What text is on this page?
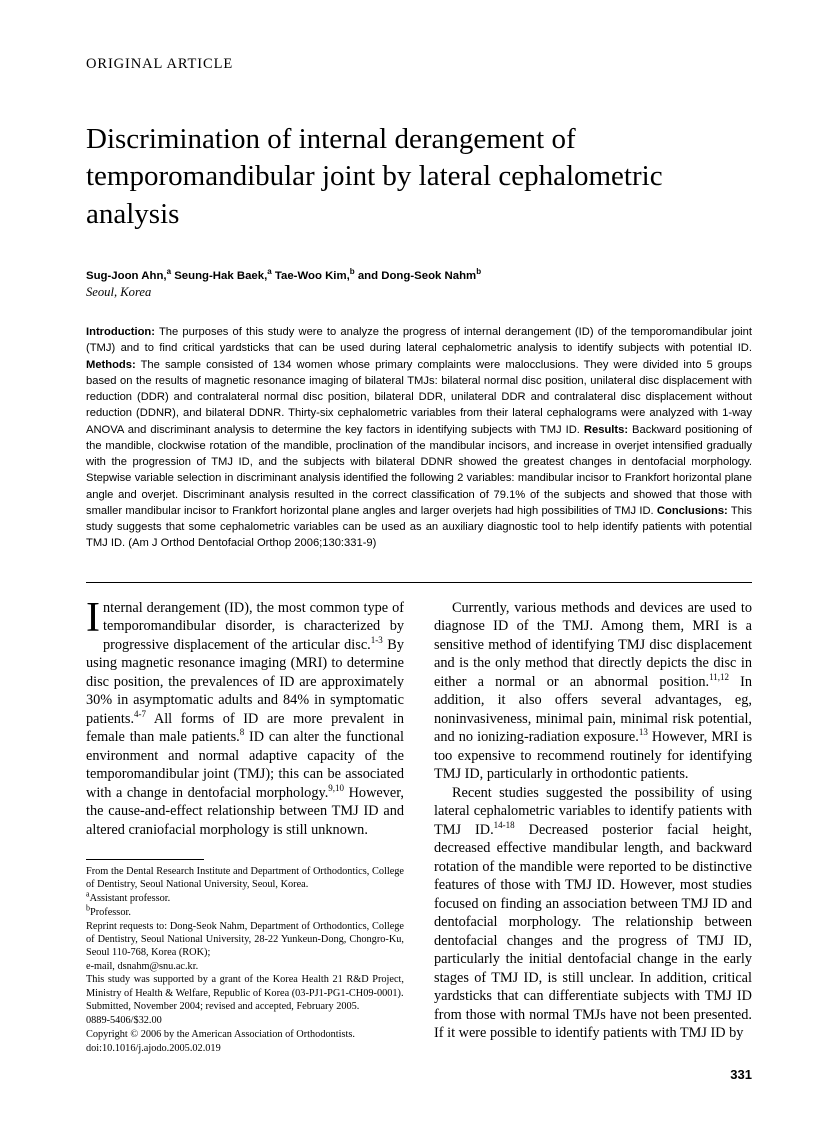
ORIGINAL ARTICLE
Discrimination of internal derangement of temporomandibular joint by lateral cephalometric analysis
Sug-Joon Ahn,$^a$ Seung-Hak Baek,$^a$ Tae-Woo Kim,$^b$ and Dong-Seok Nahm$^b$
Seoul, Korea
Introduction: The purposes of this study were to analyze the progress of internal derangement (ID) of the temporomandibular joint (TMJ) and to find critical yardsticks that can be used during lateral cephalometric analysis to identify subjects with potential ID. Methods: The sample consisted of 134 women whose primary complaints were malocclusions. They were divided into 5 groups based on the results of magnetic resonance imaging of bilateral TMJs: bilateral normal disc position, unilateral disc displacement with reduction (DDR) and contralateral normal disc position, bilateral DDR, unilateral DDR and contralateral disc displacement without reduction (DDNR), and bilateral DDNR. Thirty-six cephalometric variables from their lateral cephalograms were analyzed with 1-way ANOVA and discriminant analysis to determine the key factors in identifying subjects with TMJ ID. Results: Backward positioning of the mandible, clockwise rotation of the mandible, proclination of the mandibular incisors, and increase in overjet intensified gradually with the progression of TMJ ID, and the subjects with bilateral DDNR showed the greatest changes in dentofacial morphology. Stepwise variable selection in discriminant analysis identified the following 2 variables: mandibular incisor to Frankfort horizontal plane angle and overjet. Discriminant analysis resulted in the correct classification of 79.1% of the subjects and showed that those with smaller mandibular incisor to Frankfort horizontal plane angles and larger overjets had high possibilities of TMJ ID. Conclusions: This study suggests that some cephalometric variables can be used as an auxiliary diagnostic tool to help identify patients with potential TMJ ID. (Am J Orthod Dentofacial Orthop 2006;130:331-9)

Internal derangement (ID), the most common type of temporomandibular disorder, is characterized by progressive displacement of the articular disc.$^{1-3}$ By using magnetic resonance imaging (MRI) to determine disc position, the prevalences of ID are approximately 30% in asymptomatic adults and 84% in symptomatic patients.$^{4-7}$ All forms of ID are more prevalent in female than male patients.$^8$ ID can alter the functional environment and normal adaptive capacity of the temporomandibular joint (TMJ); this can be associated with a change in dentofacial morphology.$^{9,10}$ However, the cause-and-effect relationship between TMJ ID and altered craniofacial morphology is still unknown.

From the Dental Research Institute and Department of Orthodontics, College of Dentistry, Seoul National University, Seoul, Korea.

$^a$Assistant professor.

$^b$Professor.

Reprint requests to: Dong-Seok Nahm, Department of Orthodontics, College of Dentistry, Seoul National University, 28-22 Yunkeun-Dong, Chongro-Ku, Seoul 110-768, Korea (ROK);

e-mail, dsnahm@snu.ac.kr.

This study was supported by a grant of the Korea Health 21 R&D Project, Ministry of Health & Welfare, Republic of Korea (03-PJ1-PG1-CH09-0001).

Submitted, November 2004; revised and accepted, February 2005.

0889-5406/$32.00

Copyright © 2006 by the American Association of Orthodontists.

doi:10.1016/j.ajodo.2005.02.019

Currently, various methods and devices are used to diagnose ID of the TMJ. Among them, MRI is a sensitive method of identifying TMJ disc displacement and is the only method that directly depicts the disc in either a normal or an abnormal position.$^{11,12}$ In addition, it also offers several advantages, eg, noninvasiveness, minimal pain, minimal risk potential, and no ionizing-radiation exposure.$^{13}$ However, MRI is too expensive to recommend routinely for identifying TMJ ID, particularly in orthodontic patients.

Recent studies suggested the possibility of using lateral cephalometric variables to identify patients with TMJ ID.$^{14-18}$ Decreased posterior facial height, decreased effective mandibular length, and backward rotation of the mandible were reported to be distinctive features of those with TMJ ID. However, most studies focused on finding an association between TMJ ID and dentofacial morphology. The relationship between dentofacial changes and the progress of TMJ ID, particularly the initial dentofacial change in the early stages of TMJ ID, is still unclear. In addition, critical yardsticks that can differentiate subjects with TMJ ID from those with normal TMJs have not been presented. If it were possible to identify patients with TMJ ID by

331
